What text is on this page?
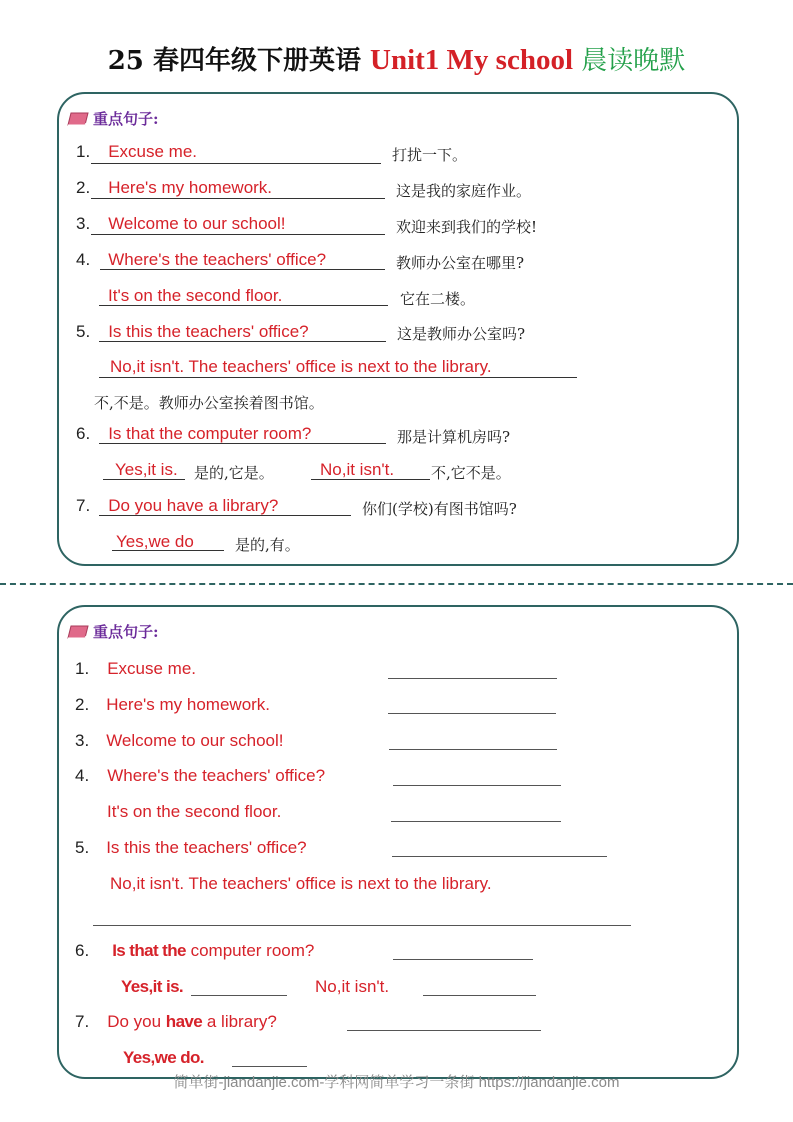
25 春四年级下册英语 Unit1 My school 晨读晚默
重点句子:
1. Excuse me.	打扰一下。
2. Here's my homework.	这是我的家庭作业。
3. Welcome to our school!	欢迎来到我们的学校!
4. Where's the teachers' office?	教师办公室在哪里?
It's on the second floor.	它在二楼。
5. Is this the teachers' office?	这是教师办公室吗?
No,it isn't. The teachers' office is next to the library.
不,不是。教师办公室挨着图书馆。
6. Is that the computer room?	那是计算机房吗?
Yes,it is. 是的,它是。	No,it isn't. 不,它不是。
7. Do you have a library?	你们(学校)有图书馆吗?
Yes,we do	是的,有。
重点句子:
1. Excuse me.
2. Here's my homework.
3. Welcome to our school!
4. Where's the teachers' office?
It's on the second floor.
5. Is this the teachers' office?
No,it isn't. The teachers' office is next to the library.
6. Is that the computer room?
Yes,it is.	No,it isn't.
7. Do you have a library?
Yes,we do.
简单街-jiandanjie.com-学科网简单学习一条街 https://jiandanjie.com
